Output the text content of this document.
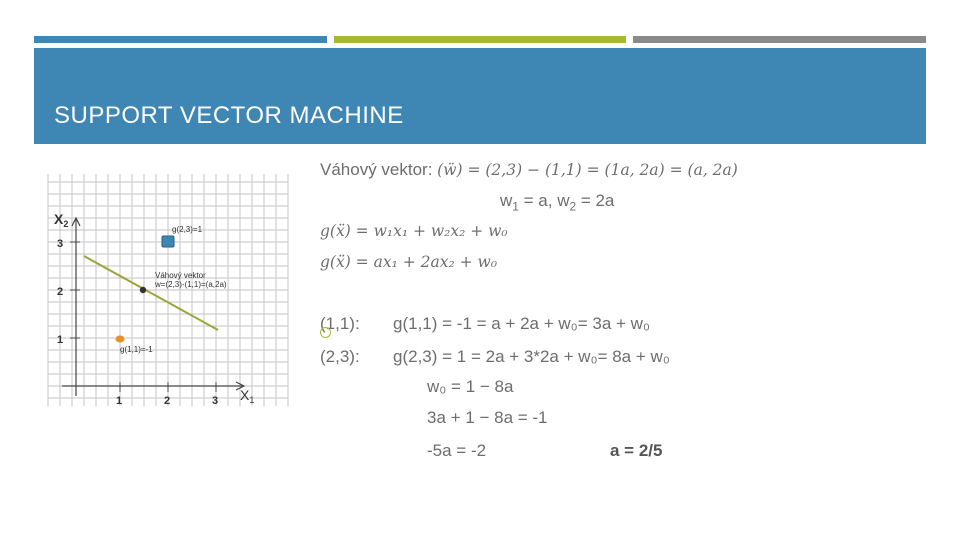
SUPPORT VECTOR MACHINE
$X_2$
$X_1$
3
2
1
1	2	3
g(2,3)=1
Váhový vektor
w=(2,3)-(1,1)=(a,2a)
g(1,1)=-1
Váhový vektor: (ẅ) = (2,3) − (1,1) = (1a, 2a) = (a, 2a)
$w_1 = a$, $w_2 = 2a$
g(ẍ) = w₁x₁ + w₂x₂ + w₀
g(ẍ) = ax₁ + 2ax₂ + w₀
(1,1): g(1,1) = -1 = a + 2a + w₀= 3a + w₀
(2,3): g(2,3) = 1 = 2a + 3*2a + w₀= 8a + w₀
w₀ = 1 − 8a
3a + 1 − 8a = -1
-5a = -2	a = 2/5
